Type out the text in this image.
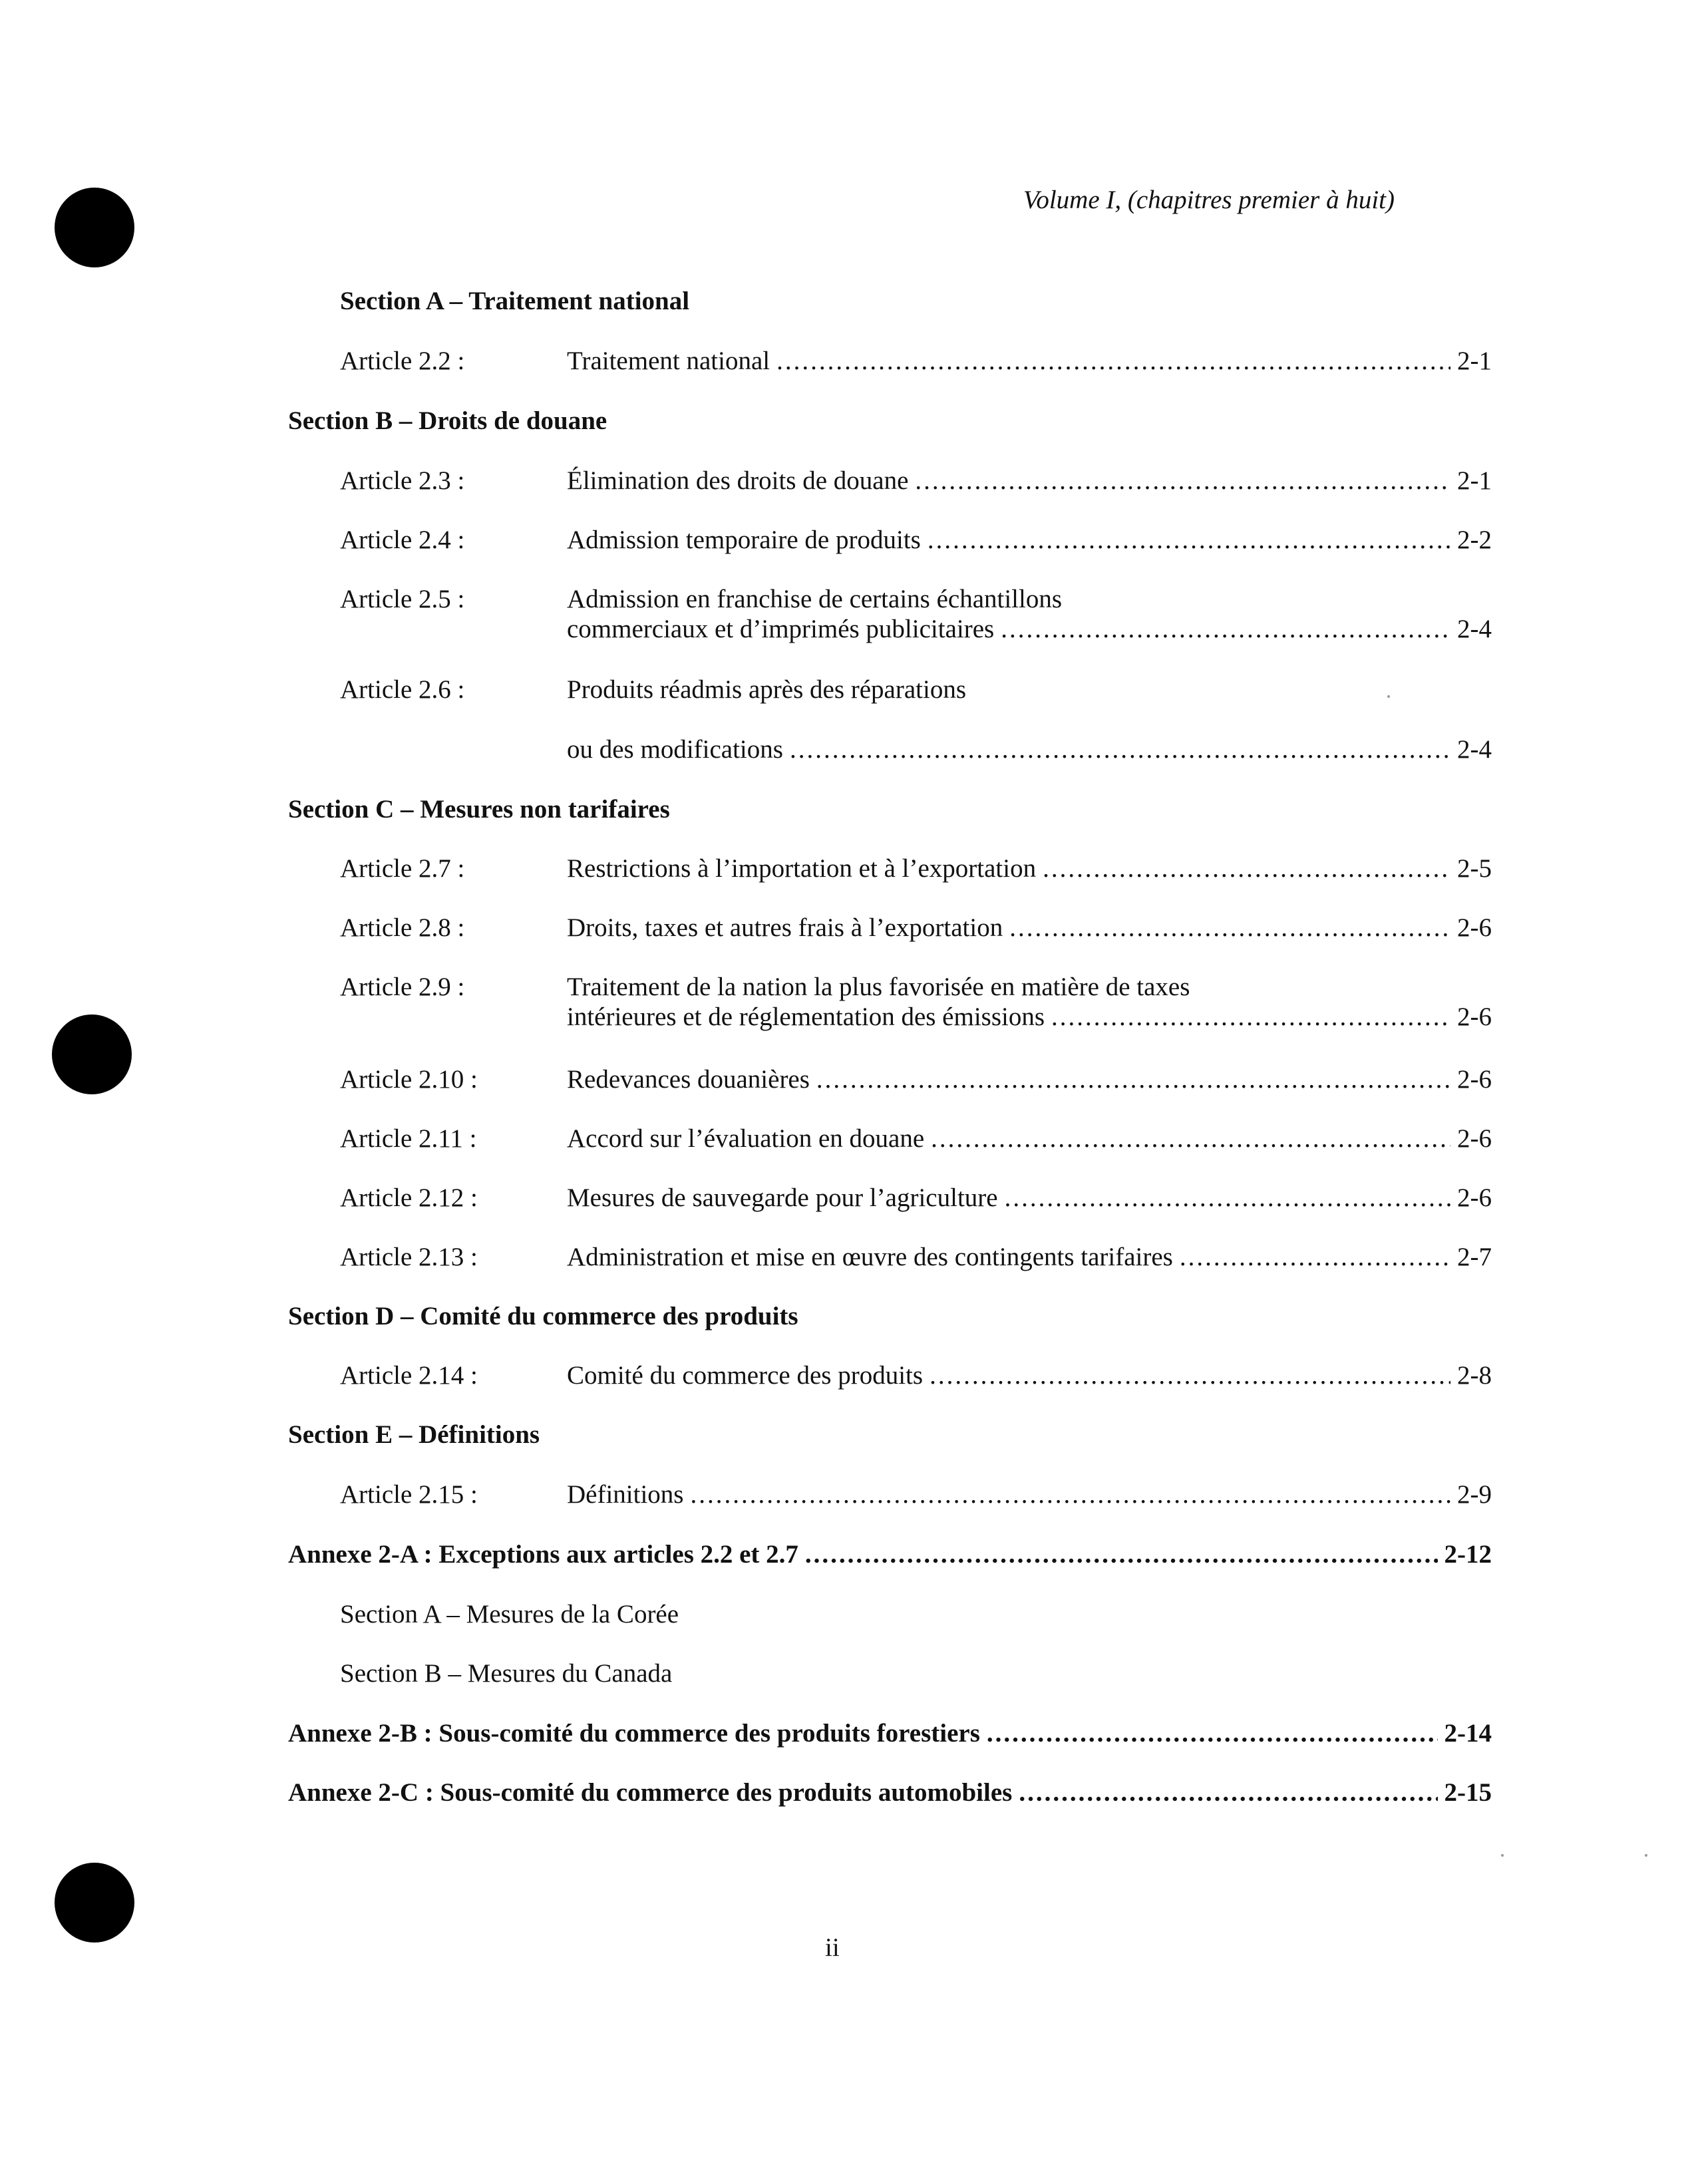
Volume I, (chapitres premier à huit)
Section A – Traitement national
Article 2.2 :	Traitement national .....	2-1
Section B – Droits de douane
Article 2.3 :	Élimination des droits de douane .....	2-1
Article 2.4 :	Admission temporaire de produits .....	2-2
Article 2.5 :	Admission en franchise de certains échantillons
commerciaux et d’imprimés publicitaires .....	2-4
Article 2.6 :	Produits réadmis après des réparations
ou des modifications .....	2-4
Section C – Mesures non tarifaires
Article 2.7 :	Restrictions à l’importation et à l’exportation .....	2-5
Article 2.8 :	Droits, taxes et autres frais à l’exportation .....	2-6
Article 2.9 :	Traitement de la nation la plus favorisée en matière de taxes
intérieures et de réglementation des émissions .....	2-6
Article 2.10 :	Redevances douanières .....	2-6
Article 2.11 :	Accord sur l’évaluation en douane .....	2-6
Article 2.12 :	Mesures de sauvegarde pour l’agriculture .....	2-6
Article 2.13 :	Administration et mise en œuvre des contingents tarifaires .....	2-7
Section D – Comité du commerce des produits
Article 2.14 :	Comité du commerce des produits .....	2-8
Section E – Définitions
Article 2.15 :	Définitions .....	2-9
Annexe 2-A : Exceptions aux articles 2.2 et 2.7 .....	2-12
Section A – Mesures de la Corée
Section B – Mesures du Canada
Annexe 2-B : Sous-comité du commerce des produits forestiers .....	2-14
Annexe 2-C : Sous-comité du commerce des produits automobiles .....	2-15
ii
